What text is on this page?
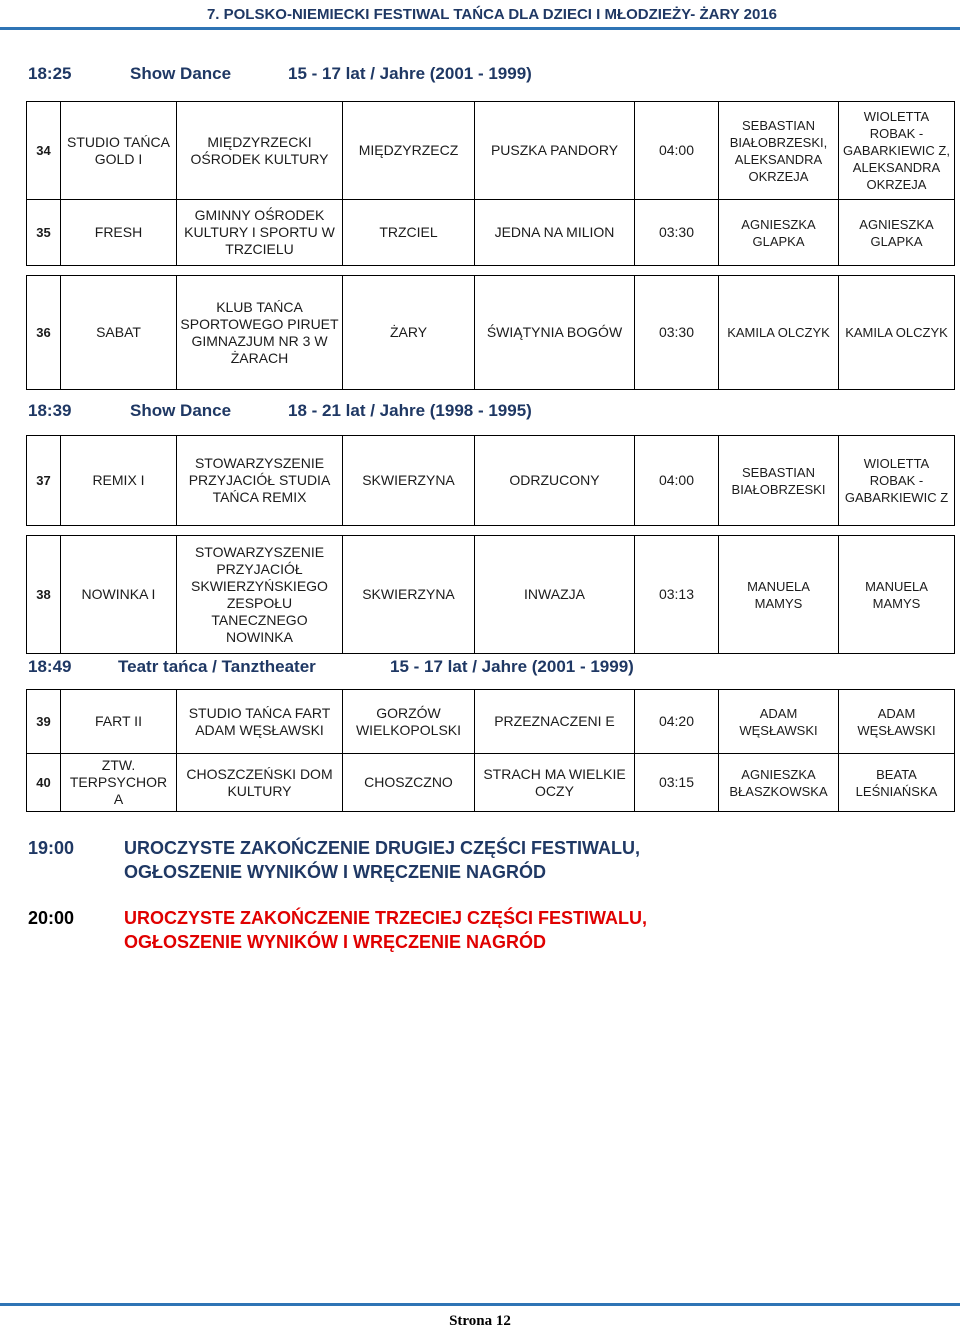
7. POLSKO-NIEMIECKI FESTIWAL TAŃCA DLA DZIECI I MŁODZIEŻY- ŻARY 2016
18:25	Show Dance	15 - 17 lat / Jahre (2001 - 1999)
34	STUDIO TAŃCA GOLD I	MIĘDZYRZECKI OŚRODEK KULTURY	MIĘDZYRZECZ	PUSZKA PANDORY	04:00	SEBASTIAN BIAŁOBRZESKI, ALEKSANDRA OKRZEJA	WIOLETTA ROBAK - GABARKIEWIC Z, ALEKSANDRA OKRZEJA
35	FRESH	GMINNY OŚRODEK KULTURY I SPORTU W TRZCIELU	TRZCIEL	JEDNA NA MILION	03:30	AGNIESZKA GLAPKA	AGNIESZKA GLAPKA

36	SABAT	KLUB TAŃCA SPORTOWEGO PIRUET GIMNAZJUM NR 3 W ŻARACH	ŻARY	ŚWIĄTYNIA BOGÓW	03:30	KAMILA OLCZYK	KAMILA OLCZYK
18:39	Show Dance	18 - 21 lat / Jahre (1998 - 1995)
37	REMIX I	STOWARZYSZENIE PRZYJACIÓŁ STUDIA TAŃCA REMIX	SKWIERZYNA	ODRZUCONY	04:00	SEBASTIAN BIAŁOBRZESKI	WIOLETTA ROBAK - GABARKIEWIC Z

38	NOWINKA I	STOWARZYSZENIE PRZYJACIÓŁ SKWIERZYŃSKIEGO ZESPOŁU TANECZNEGO NOWINKA	SKWIERZYNA	INWAZJA	03:13	MANUELA MAMYS	MANUELA MAMYS
18:49	Teatr tańca / Tanztheater	15 - 17 lat / Jahre (2001 - 1999)
39	FART II	STUDIO TAŃCA FART ADAM WĘSŁAWSKI	GORZÓW WIELKOPOLSKI	PRZEZNACZENI E	04:20	ADAM WĘSŁAWSKI	ADAM WĘSŁAWSKI
40	ZTW. TERPSYCHOR A	CHOSZCZEŃSKI DOM KULTURY	CHOSZCZNO	STRACH MA WIELKIE OCZY	03:15	AGNIESZKA BŁASZKOWSKA	BEATA LEŚNIAŃSKA
19:00	UROCZYSTE ZAKOŃCZENIE DRUGIEJ CZĘŚCI FESTIWALU,
OGŁOSZENIE WYNIKÓW I WRĘCZENIE NAGRÓD
20:00	UROCZYSTE ZAKOŃCZENIE TRZECIEJ CZĘŚCI FESTIWALU,
OGŁOSZENIE WYNIKÓW I WRĘCZENIE NAGRÓD
Strona 12
